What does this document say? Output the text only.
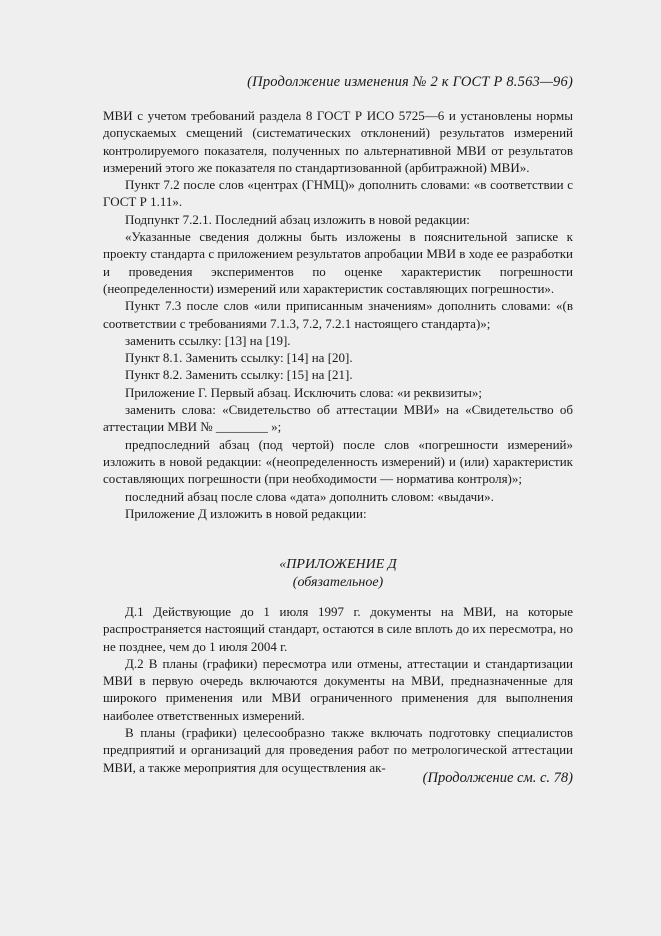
(Продолжение изменения № 2 к ГОСТ Р 8.563—96)

МВИ с учетом требований раздела 8 ГОСТ Р ИСО 5725—6 и установлены нормы допускаемых смещений (систематических отклонений) результатов измерений контролируемого показателя, полученных по альтернативной МВИ от результатов измерений этого же показателя по стандартизованной (арбитражной) МВИ».

Пункт 7.2 после слов «центрах (ГНМЦ)» дополнить словами: «в соответствии с ГОСТ Р 1.11».

Подпункт 7.2.1. Последний абзац изложить в новой редакции:

«Указанные сведения должны быть изложены в пояснительной записке к проекту стандарта с приложением результатов апробации МВИ в ходе ее разработки и проведения экспериментов по оценке характеристик погрешности (неопределенности) измерений или характеристик составляющих погрешности».

Пункт 7.3 после слов «или приписанным значениям» дополнить словами: «(в соответствии с требованиями 7.1.3, 7.2, 7.2.1 настоящего стандарта)»;

заменить ссылку: [13] на [19].

Пункт 8.1. Заменить ссылку: [14] на [20].

Пункт 8.2. Заменить ссылку: [15] на [21].

Приложение Г. Первый абзац. Исключить слова: «и реквизиты»;

заменить слова: «Свидетельство об аттестации МВИ» на «Свидетельство об аттестации МВИ № ________ »;

предпоследний абзац (под чертой) после слов «погрешности измерений» изложить в новой редакции: «(неопределенность измерений) и (или) характеристик составляющих погрешности (при необходимости — норматива контроля)»;

последний абзац после слова «дата» дополнить словом: «выдачи».

Приложение Д изложить в новой редакции:

«ПРИЛОЖЕНИЕ Д
(обязательное)

Д.1 Действующие до 1 июля 1997 г. документы на МВИ, на которые распространяется настоящий стандарт, остаются в силе вплоть до их пересмотра, но не позднее, чем до 1 июля 2004 г.

Д.2 В планы (графики) пересмотра или отмены, аттестации и стандартизации МВИ в первую очередь включаются документы на МВИ, предназначенные для широкого применения или МВИ ограниченного применения для выполнения наиболее ответственных измерений.

В планы (графики) целесообразно также включать подготовку специалистов предприятий и организаций для проведения работ по метрологической аттестации МВИ, а также мероприятия для осуществления ак-

(Продолжение см. с. 78)
